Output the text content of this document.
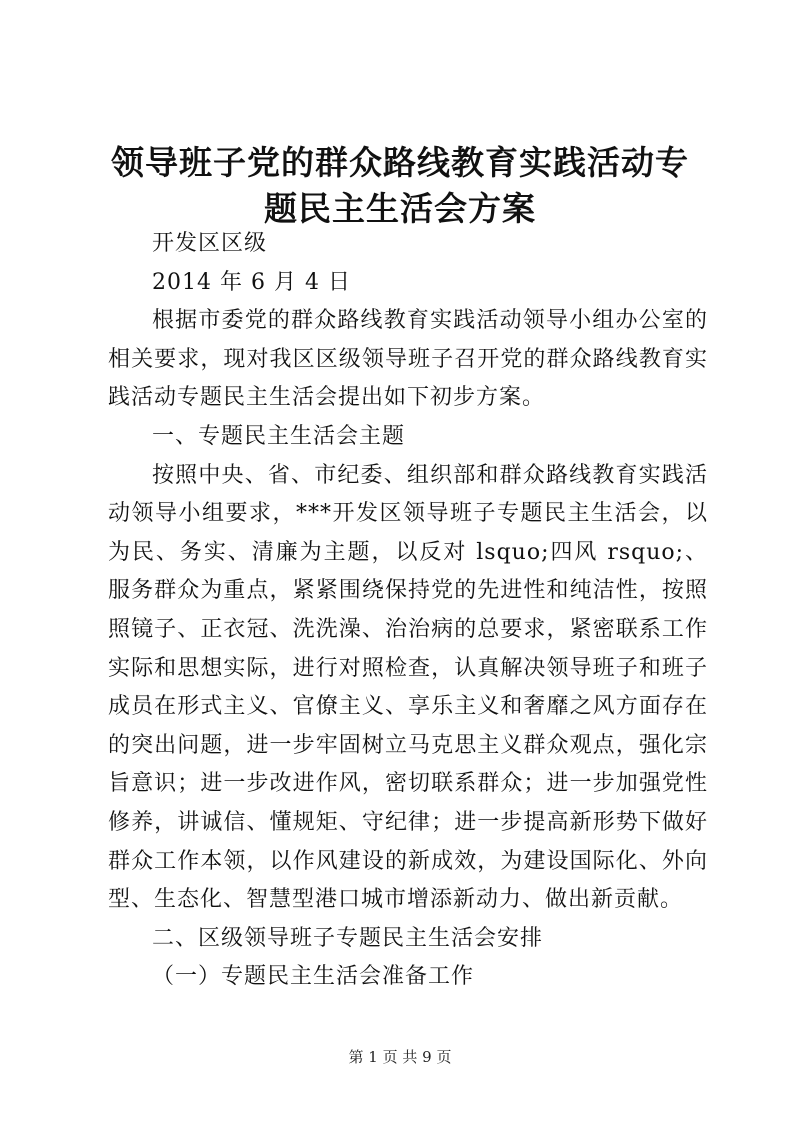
领导班子党的群众路线教育实践活动专题民主生活会方案

开发区区级

2014 年 6 月 4 日

根据市委党的群众路线教育实践活动领导小组办公室的相关要求，现对我区区级领导班子召开党的群众路线教育实践活动专题民主生活会提出如下初步方案。

一、专题民主生活会主题

按照中央、省、市纪委、组织部和群众路线教育实践活动领导小组要求，***开发区领导班子专题民主生活会，以为民、务实、清廉为主题，以反对 lsquo;四风 rsquo;、服务群众为重点，紧紧围绕保持党的先进性和纯洁性，按照照镜子、正衣冠、洗洗澡、治治病的总要求，紧密联系工作实际和思想实际，进行对照检查，认真解决领导班子和班子成员在形式主义、官僚主义、享乐主义和奢靡之风方面存在的突出问题，进一步牢固树立马克思主义群众观点，强化宗旨意识；进一步改进作风，密切联系群众；进一步加强党性修养，讲诚信、懂规矩、守纪律；进一步提高新形势下做好群众工作本领，以作风建设的新成效，为建设国际化、外向型、生态化、智慧型港口城市增添新动力、做出新贡献。

二、区级领导班子专题民主生活会安排

（一）专题民主生活会准备工作

第 1 页 共 9 页
